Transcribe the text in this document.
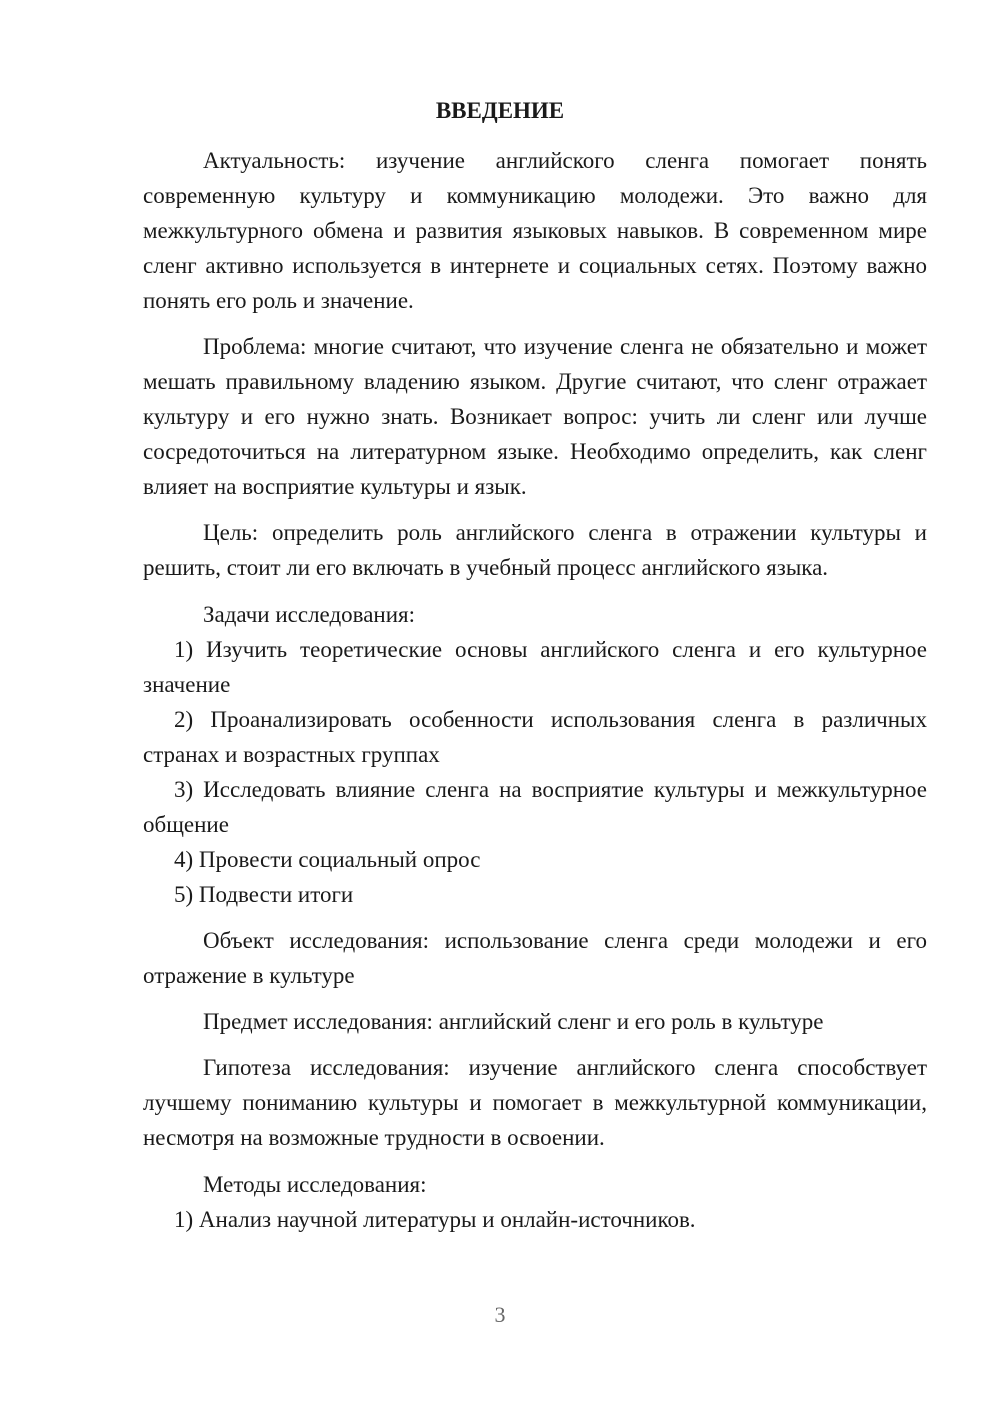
ВВЕДЕНИЕ

Актуальность: изучение английского сленга помогает понять современную культуру и коммуникацию молодежи. Это важно для межкультурного обмена и развития языковых навыков. В современном мире сленг активно используется в интернете и социальных сетях. Поэтому важно понять его роль и значение.

Проблема: многие считают, что изучение сленга не обязательно и может мешать правильному владению языком. Другие считают, что сленг отражает культуру и его нужно знать. Возникает вопрос: учить ли сленг или лучше сосредоточиться на литературном языке. Необходимо определить, как сленг влияет на восприятие культуры и язык.

Цель: определить роль английского сленга в отражении культуры и решить, стоит ли его включать в учебный процесс английского языка.

Задачи исследования:

1) Изучить теоретические основы английского сленга и его культурное значение

2) Проанализировать особенности использования сленга в различных странах и возрастных группах

3) Исследовать влияние сленга на восприятие культуры и межкультурное общение

4) Провести социальный опрос

5) Подвести итоги

Объект исследования: использование сленга среди молодежи и его отражение в культуре

Предмет исследования: английский сленг и его роль в культуре

Гипотеза исследования: изучение английского сленга способствует лучшему пониманию культуры и помогает в межкультурной коммуникации, несмотря на возможные трудности в освоении.

Методы исследования:

1) Анализ научной литературы и онлайн-источников.

3
